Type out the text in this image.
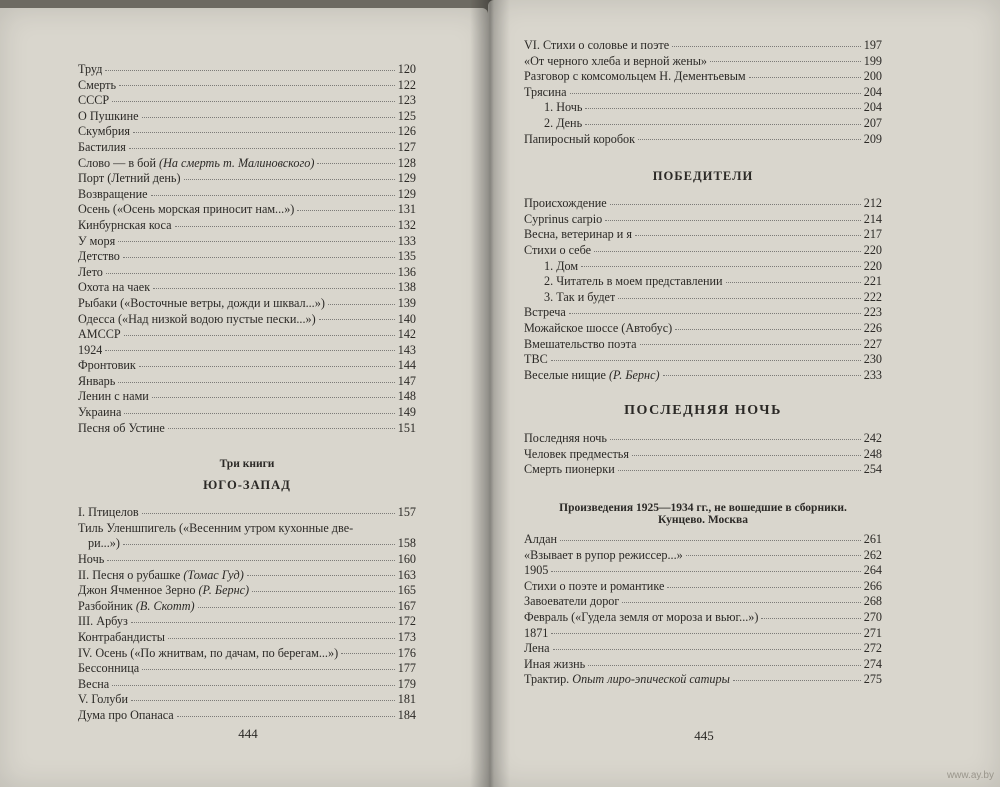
Труд	120
Смерть	122
СССР	123
О Пушкине	125
Скумбрия	126
Бастилия	127
Слово — в бой (На смерть т. Малиновского)	128
Порт (Летний день)	129
Возвращение	129
Осень («Осень морская приносит нам...»)	131
Кинбурнская коса	132
У моря	133
Детство	135
Лето	136
Охота на чаек	138
Рыбаки («Восточные ветры, дожди и шквал...»)	139
Одесса («Над низкой водою пустые пески...»)	140
АМССР	142
1924	143
Фронтовик	144
Январь	147
Ленин с нами	148
Украина	149
Песня об Устине	151

Три книги

ЮГО-ЗАПАД

I. Птицелов	157
Тиль Уленшпигель («Весенним утром кухонные две-
ри...»)	158
Ночь	160
II. Песня о рубашке (Томас Гуд)	163
Джон Ячменное Зерно (Р. Бернс)	165
Разбойник (В. Скотт)	167
III. Арбуз	172
Контрабандисты	173
IV. Осень («По жнитвам, по дачам, по берегам...»)	176
Бессонница	177
Весна	179
V. Голуби	181
Дума про Опанаса	184
444
VI. Стихи о соловье и поэте	197
«От черного хлеба и верной жены»	199
Разговор с комсомольцем Н. Дементьевым	200
Трясина	204
1. Ночь	204
2. День	207
Папиросный коробок	209

ПОБЕДИТЕЛИ

Происхождение	212
Cyprinus carpio	214
Весна, ветеринар и я	217
Стихи о себе	220
1. Дом	220
2. Читатель в моем представлении	221
3. Так и будет	222
Встреча	223
Можайское шоссе (Автобус)	226
Вмешательство поэта	227
ТВС	230
Веселые нищие (Р. Бернс)	233

ПОСЛЕДНЯЯ НОЧЬ

Последняя ночь	242
Человек предместья	248
Смерть пионерки	254

Произведения 1925—1934 гг., не вошедшие в сборники.

Кунцево. Москва

Алдан	261
«Взывает в рупор режиссер...»	262
1905	264
Стихи о поэте и романтике	266
Завоеватели дорог	268
Февраль («Гудела земля от мороза и вьюг...»)	270
1871	271
Лена	272
Иная жизнь	274
Трактир. Опыт лиро-эпической сатиры	275
445
www.ay.by
